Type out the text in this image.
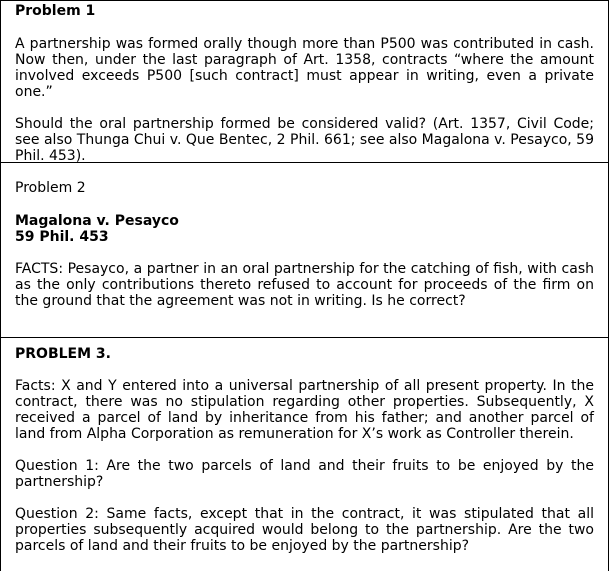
Problem 1

A partnership was formed orally though more than P500 was contributed in cash. Now then, under the last paragraph of Art. 1358, contracts “where the amount involved exceeds P500 [such contract] must appear in writing, even a private one.”

Should the oral partnership formed be considered valid? (Art. 1357, Civil Code; see also Thunga Chui v. Que Bentec, 2 Phil. 661; see also Magalona v. Pesayco, 59 Phil. 453).

Problem 2

Magalona v. Pesayco

59 Phil. 453

FACTS: Pesayco, a partner in an oral partnership for the catching of fish, with cash as the only contributions thereto refused to account for proceeds of the firm on the ground that the agreement was not in writing. Is he correct?

PROBLEM 3.

Facts: X and Y entered into a universal partnership of all present property. In the contract, there was no stipulation regarding other properties. Subsequently, X received a parcel of land by inheritance from his father; and another parcel of land from Alpha Corporation as remuneration for X’s work as Controller therein.

Question 1: Are the two parcels of land and their fruits to be enjoyed by the partnership?

Question 2: Same facts, except that in the contract, it was stipulated that all properties subsequently acquired would belong to the partnership. Are the two parcels of land and their fruits to be enjoyed by the partnership?
